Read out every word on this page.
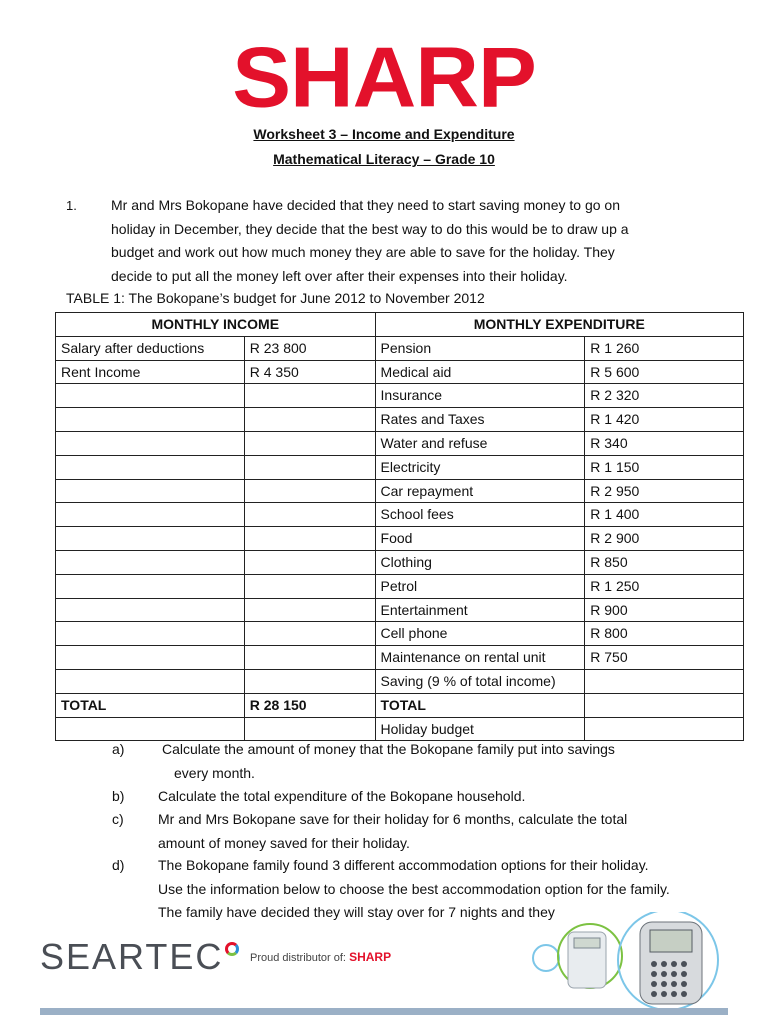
SHARP
Worksheet 3 – Income and Expenditure
Mathematical Literacy – Grade 10
1. Mr and Mrs Bokopane have decided that they need to start saving money to go on holiday in December, they decide that the best way to do this would be to draw up a budget and work out how much money they are able to save for the holiday. They decide to put all the money left over after their expenses into their holiday.
TABLE 1: The Bokopane’s budget for June 2012 to November 2012
MONTHLY INCOME		MONTHLY EXPENDITURE	
Salary after deductions	R 23 800	Pension	R 1 260
Rent Income	R 4 350	Medical aid	R 5 600
		Insurance	R 2 320
		Rates and Taxes	R 1 420
		Water and refuse	R 340
		Electricity	R 1 150
		Car repayment	R 2 950
		School fees	R 1 400
		Food	R 2 900
		Clothing	R 850
		Petrol	R 1 250
		Entertainment	R 900
		Cell phone	R 800
		Maintenance on rental unit	R 750
		Saving (9 % of total income)	
TOTAL	R 28 150	TOTAL	
		Holiday budget	
a)	Calculate the amount of money that the Bokopane family put into savings
every month.
b) Calculate the total expenditure of the Bokopane household.
c) Mr and Mrs Bokopane save for their holiday for 6 months, calculate the total amount of money saved for their holiday.
d) The Bokopane family found 3 different accommodation options for their holiday. Use the information below to choose the best accommodation option for the family. The family have decided they will stay over for 7 nights and they
SEARTEC	Proud distributor of: SHARP
